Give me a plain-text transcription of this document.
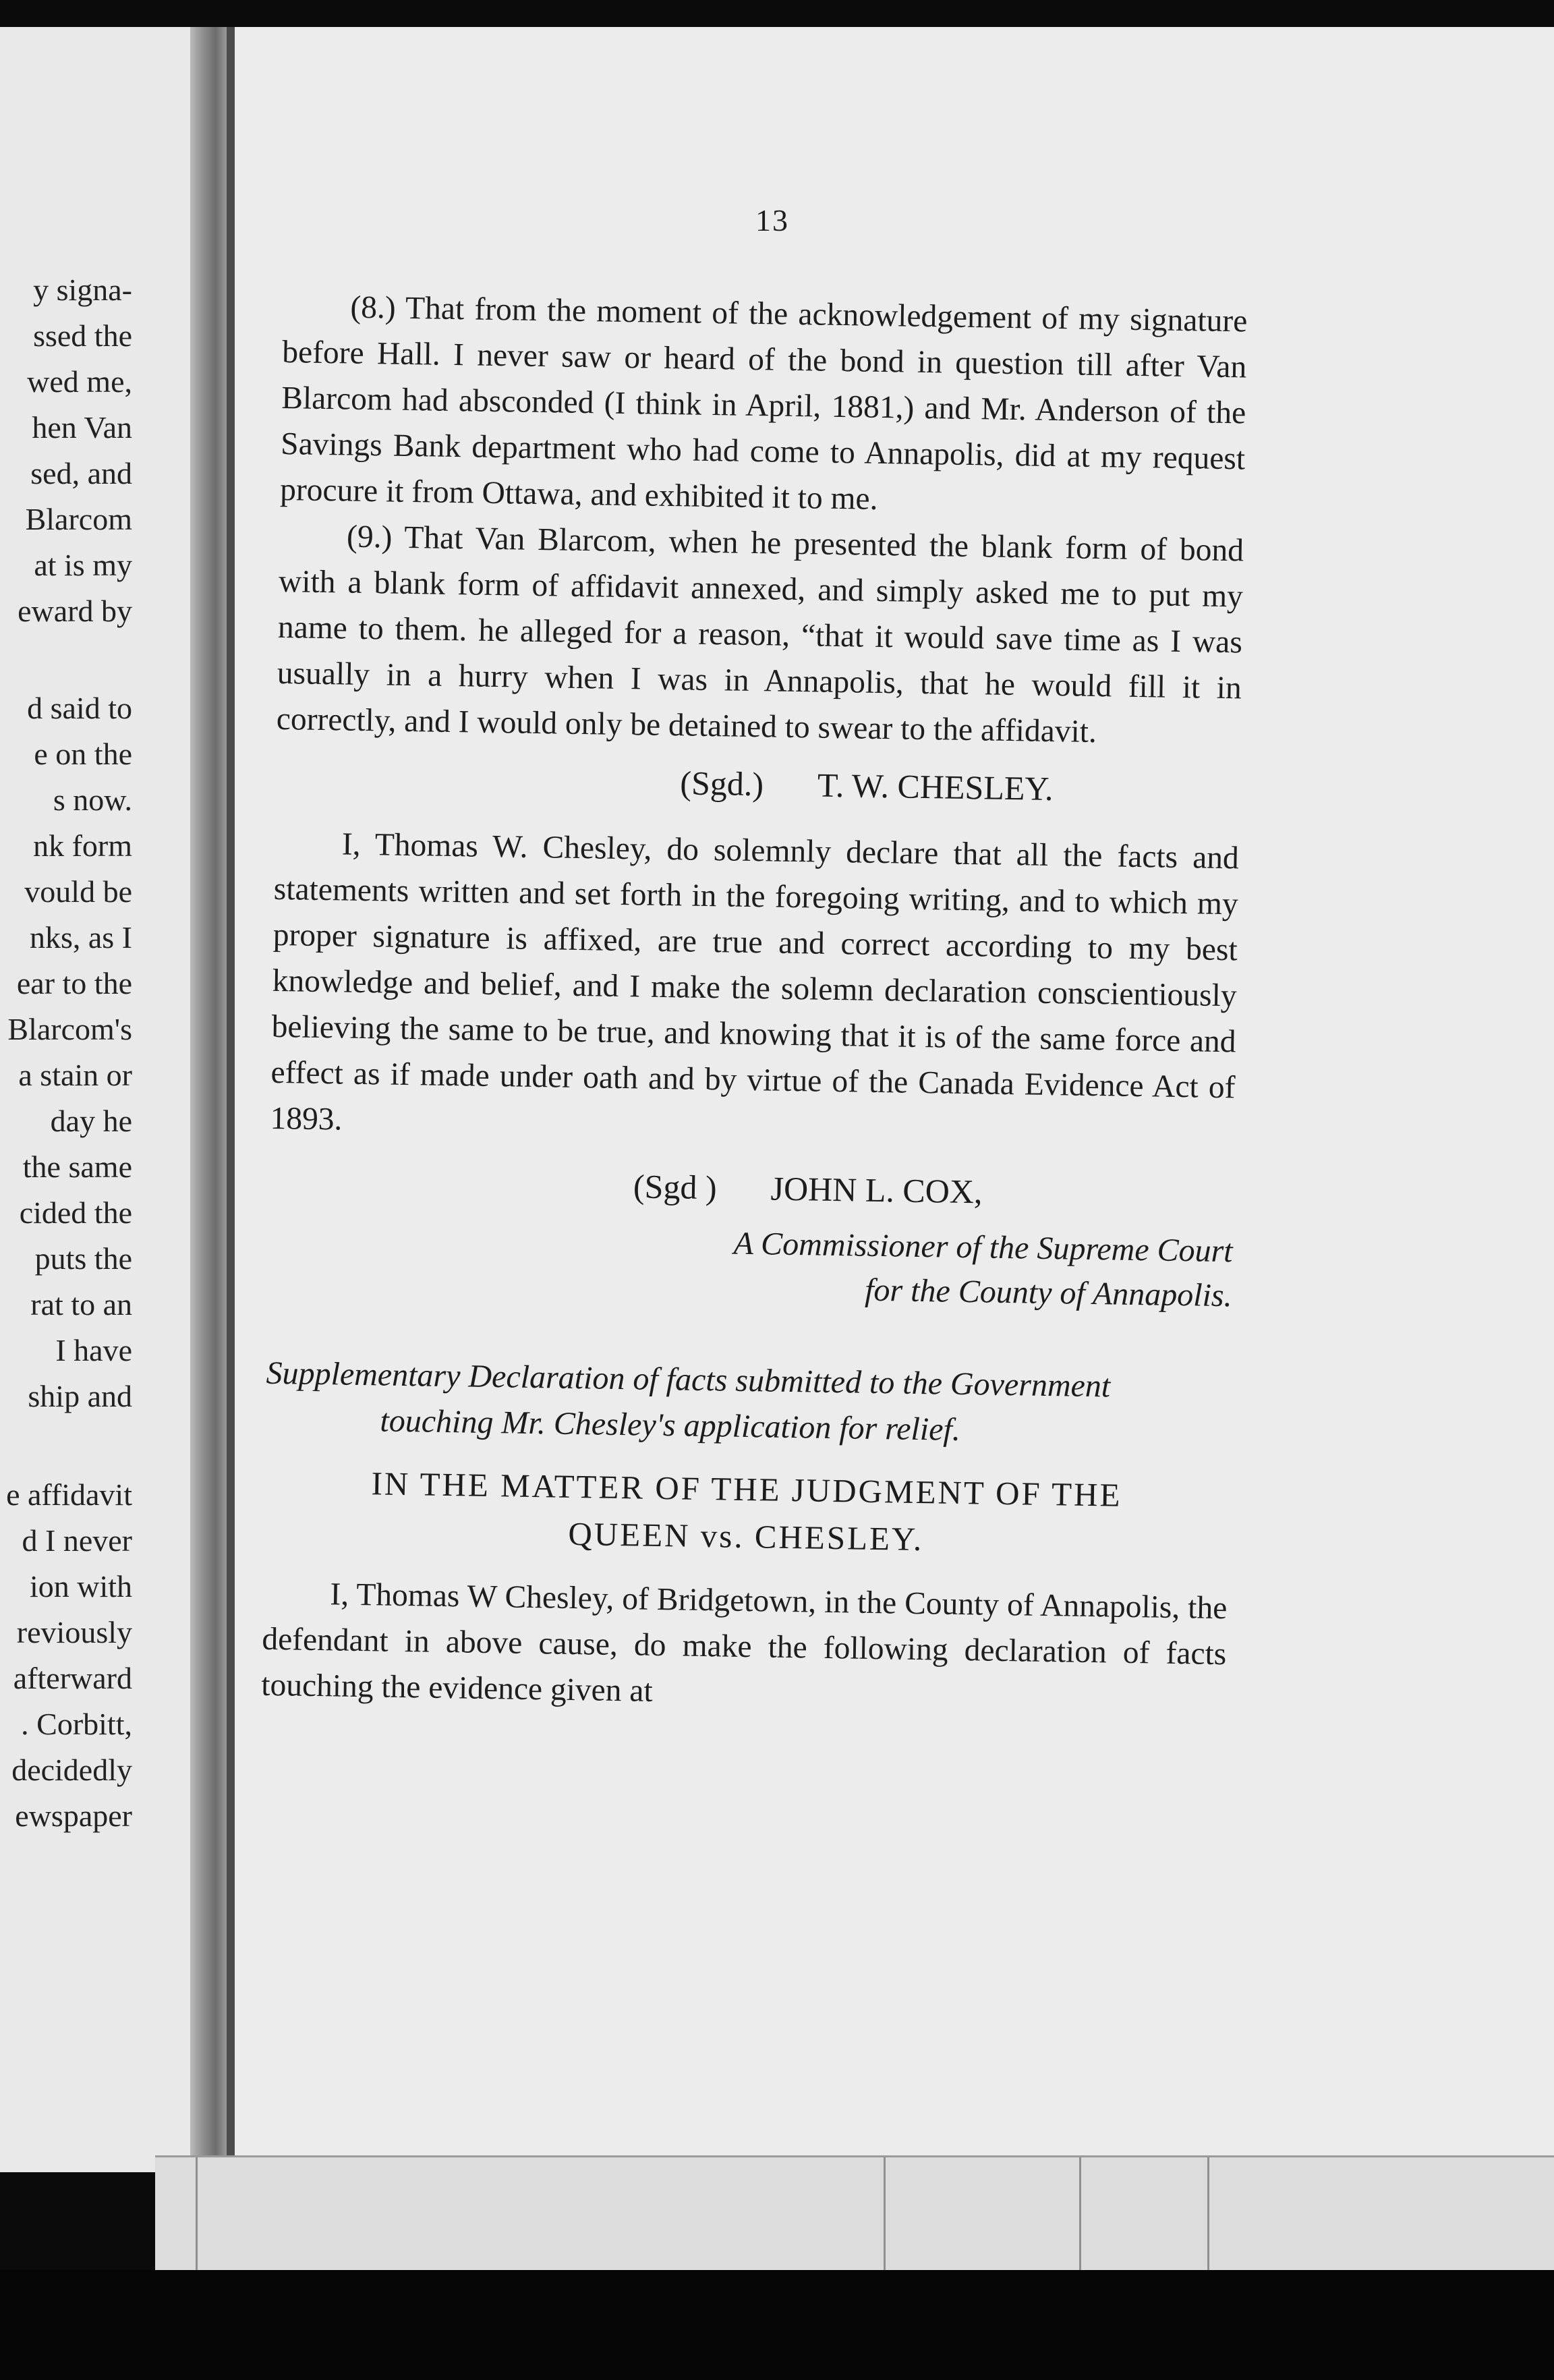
y signa-
ssed the
wed me,
hen Van
sed, and
Blarcom
at is my
eward by
d said to
e on the
s now.
nk form
vould be
nks, as I
ear to the
Blarcom's
a stain or
day he
the same
cided the
puts the
rat to an
I have
ship and
e affidavit
d I never
ion with
reviously
afterward
. Corbitt,
decidedly
ewspaper
13

(8.) That from the moment of the acknowledgement of my signature before Hall. I never saw or heard of the bond in question till after Van Blarcom had absconded (I think in April, 1881,) and Mr. Anderson of the Savings Bank department who had come to Annapolis, did at my request procure it from Ottawa, and exhibited it to me.

(9.) That Van Blarcom, when he presented the blank form of bond with a blank form of affidavit annexed, and simply asked me to put my name to them. he alleged for a reason, “that it would save time as I was usually in a hurry when I was in Annapolis, that he would fill it in correctly, and I would only be detained to swear to the affidavit.

(Sgd.) T. W. CHESLEY.

I, Thomas W. Chesley, do solemnly declare that all the facts and statements written and set forth in the foregoing writing, and to which my proper signature is affixed, are true and correct according to my best knowledge and belief, and I make the solemn declaration conscientiously believing the same to be true, and knowing that it is of the same force and effect as if made under oath and by virtue of the Canada Evidence Act of 1893.

(Sgd ) JOHN L. COX,

A Commissioner of the Supreme Court

for the County of Annapolis.

Supplementary Declaration of facts submitted to the Government touching Mr. Chesley's application for relief.

IN THE MATTER OF THE JUDGMENT OF THE
QUEEN vs. CHESLEY.

I, Thomas W Chesley, of Bridgetown, in the County of Annapolis, the defendant in above cause, do make the following declaration of facts touching the evidence given at
